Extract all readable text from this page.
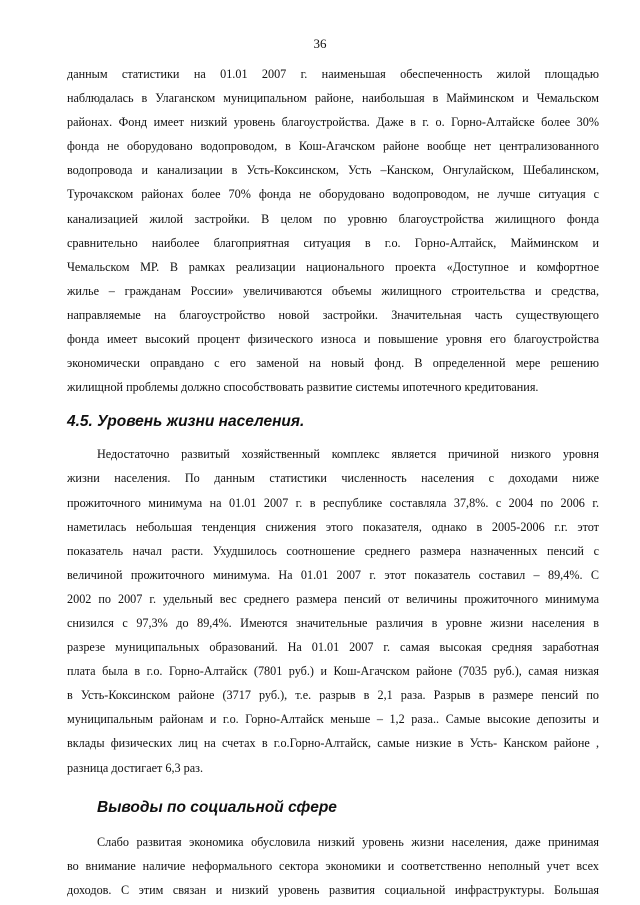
36
данным статистики на 01.01 2007 г. наименьшая обеспеченность жилой площадью
наблюдалась в Улаганском муниципальном районе, наибольшая в Майминском и Чемальском
районах. Фонд имеет низкий уровень благоустройства. Даже в г. о. Горно-Алтайске более 30%
фонда не оборудовано водопроводом, в Кош-Агачском районе вообще нет централизованного
водопровода и канализации в Усть-Коксинском, Усть –Канском, Онгулайском, Шебалинском,
Турочакском районах более 70% фонда не оборудовано водопроводом, не лучше ситуация с
канализацией жилой застройки. В целом по уровню благоустройства жилищного фонда
сравнительно наиболее благоприятная ситуация в г.о. Горно-Алтайск, Майминском и
Чемальском МР. В рамках реализации национального проекта «Доступное и комфортное
жилье – гражданам России» увеличиваются объемы жилищного строительства и средства,
направляемые на благоустройство новой застройки. Значительная часть существующего
фонда имеет высокий процент физического износа и повышение уровня его благоустройства
экономически оправдано с его заменой на новый фонд. В определенной мере решению
жилищной проблемы должно способствовать развитие системы ипотечного кредитования.
4.5. Уровень жизни населения.
Недостаточно развитый хозяйственный комплекс является причиной низкого уровня
жизни населения. По данным статистики численность населения с доходами ниже
прожиточного минимума на 01.01 2007 г. в республике составляла 37,8%. с 2004 по 2006 г.
наметилась небольшая тенденция снижения этого показателя, однако в 2005-2006 г.г. этот
показатель начал расти. Ухудшилось соотношение среднего размера назначенных пенсий с
величиной прожиточного минимума. На 01.01 2007 г. этот показатель составил – 89,4%. С
2002 по 2007 г. удельный вес среднего размера пенсий от величины прожиточного минимума
снизился с 97,3% до 89,4%. Имеются значительные различия в уровне жизни населения в
разрезе муниципальных образований. На 01.01 2007 г. самая высокая средняя заработная
плата была в г.о. Горно-Алтайск (7801 руб.) и Кош-Агачском районе (7035 руб.), самая низкая
в Усть-Коксинском районе (3717 руб.), т.е. разрыв в 2,1 раза. Разрыв в размере пенсий по
муниципальным районам и г.о. Горно-Алтайск меньше – 1,2 раза.. Самые высокие депозиты и
вклады физических лиц на счетах в г.о.Горно-Алтайск, самые низкие в Усть- Канском районе ,
разница достигает 6,3 раз.
Выводы по социальной сфере
Слабо развитая экономика обусловила низкий уровень жизни населения, даже принимая
во внимание наличие неформального сектора экономики и соответственно неполный учет всех
доходов. С этим связан и низкий уровень развития социальной инфраструктуры. Большая
